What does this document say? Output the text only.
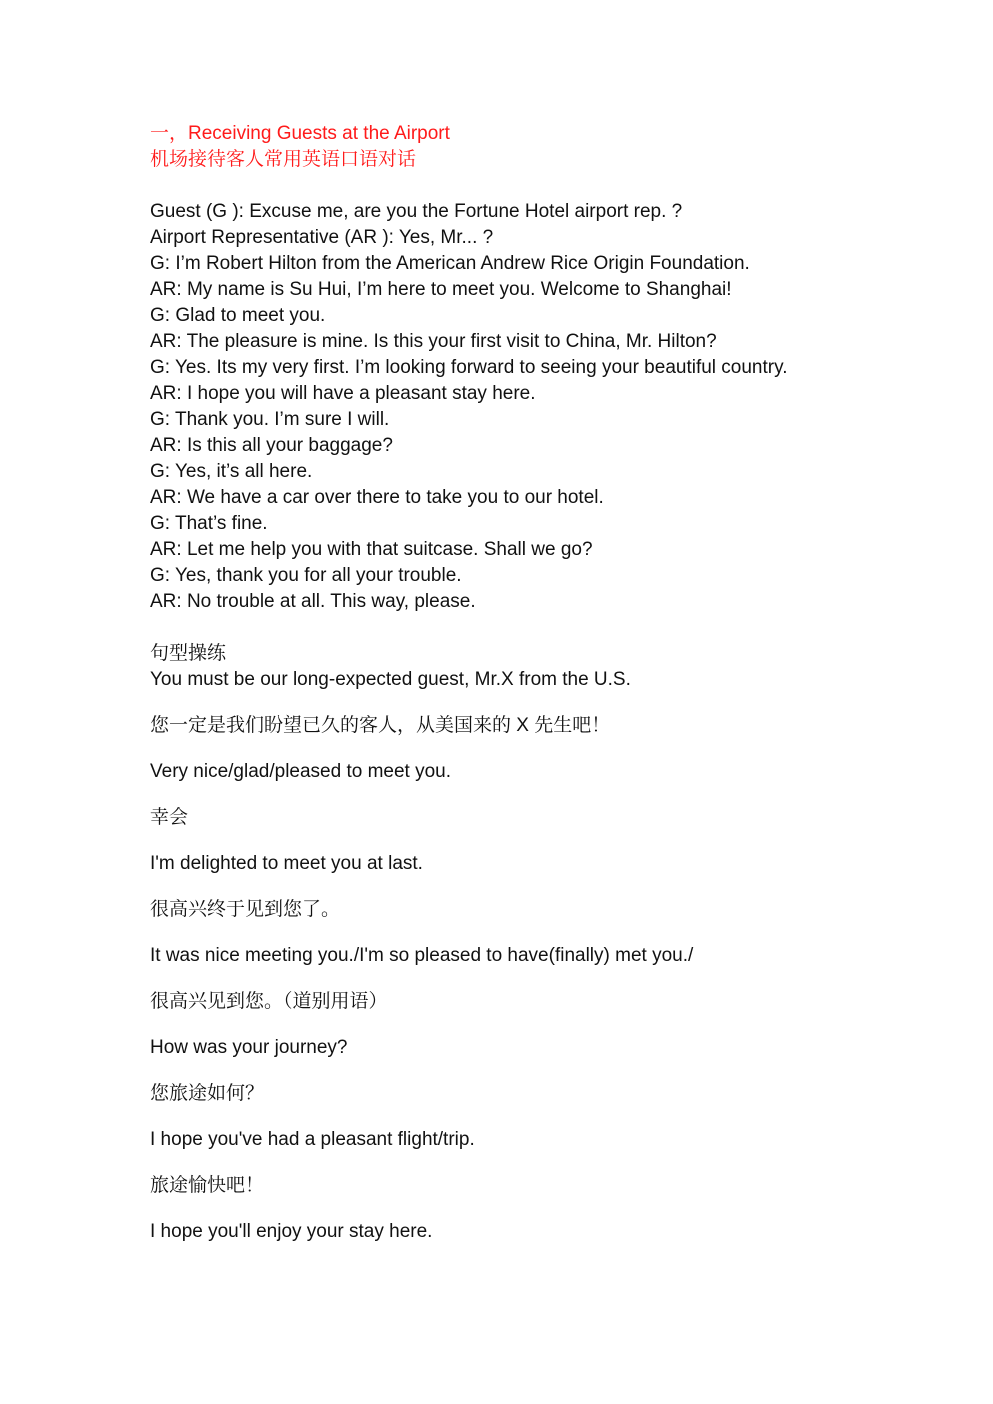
一，Receiving Guests at the Airport
机场接待客人常用英语口语对话
Guest (G ): Excuse me, are you the Fortune Hotel airport rep. ?
Airport Representative (AR ): Yes, Mr... ?
G: I’m Robert Hilton from the American Andrew Rice Origin Foundation.
AR: My name is Su Hui, I’m here to meet you. Welcome to Shanghai!
G: Glad to meet you.
AR: The pleasure is mine. Is this your first visit to China, Mr. Hilton?
G: Yes. Its my very first. I’m looking forward to seeing your beautiful country.
AR: I hope you will have a pleasant stay here.
G: Thank you. I’m sure I will.
AR: Is this all your baggage?
G: Yes, it’s all here.
AR: We have a car over there to take you to our hotel.
G: That’s fine.
AR: Let me help you with that suitcase. Shall we go?
G: Yes, thank you for all your trouble.
AR: No trouble at all. This way, please.
句型操练
You must be our long-expected guest, Mr.X from the U.S.
您一定是我们盼望已久的客人，从美国来的 X 先生吧！
Very nice/glad/pleased to meet you.
幸会
I'm delighted to meet you at last.
很高兴终于见到您了。
It was nice meeting you./I'm so pleased to have(finally) met you./
很高兴见到您。（道别用语）
How was your journey?
您旅途如何？
I hope you've had a pleasant flight/trip.
旅途愉快吧！
I hope you'll enjoy your stay here.
